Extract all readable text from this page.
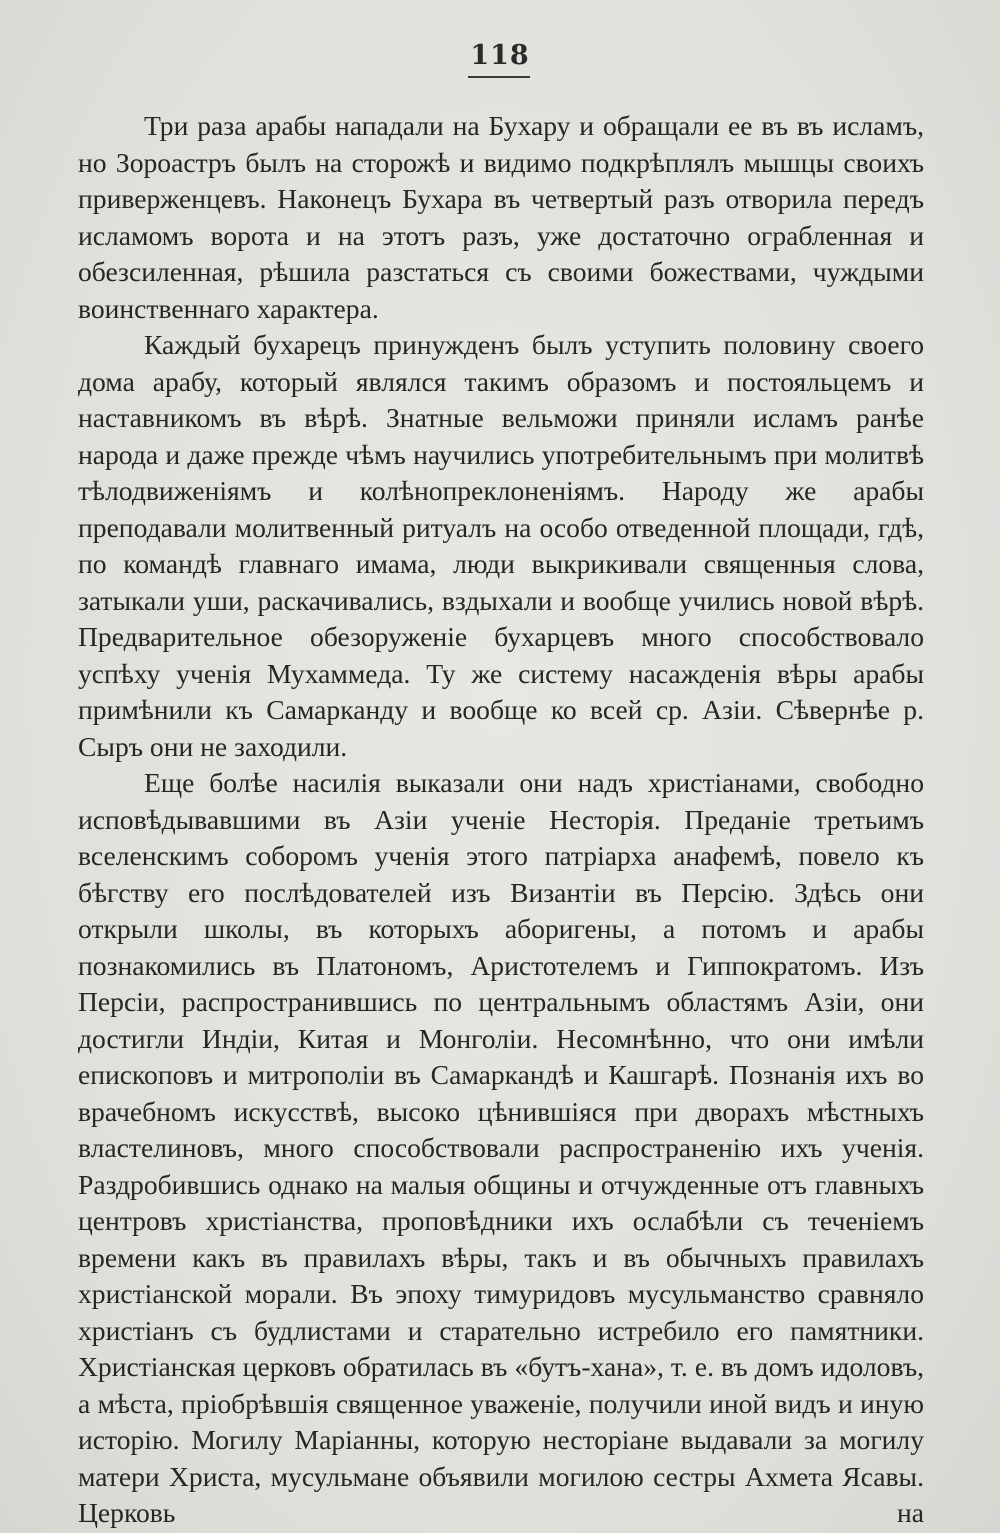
118

Три раза арабы нападали на Бухару и обращали ее въ въ исламъ, но Зороастръ былъ на сторожѣ и видимо подкрѣплялъ мышцы своихъ приверженцевъ. Наконецъ Бухара въ четвертый разъ отворила передъ исламомъ ворота и на этотъ разъ, уже достаточно ограбленная и обезсиленная, рѣшила разстаться съ своими божествами, чуждыми воинственнаго характера.

Каждый бухарецъ принужденъ былъ уступить половину своего дома арабу, который являлся такимъ образомъ и постояльцемъ и наставникомъ въ вѣрѣ. Знатные вельможи приняли исламъ ранѣе народа и даже прежде чѣмъ научились употребительнымъ при молитвѣ тѣлодвиженіямъ и колѣнопреклоненіямъ. Народу же арабы преподавали молитвенный ритуалъ на особо отведенной площади, гдѣ, по командѣ главнаго имама, люди выкрикивали священныя слова, затыкали уши, раскачивались, вздыхали и вообще учились новой вѣрѣ. Предварительное обезоруженіе бухарцевъ много способствовало успѣху ученія Мухаммеда. Ту же систему насажденія вѣры арабы примѣнили къ Самарканду и вообще ко всей ср. Азіи. Сѣвернѣе р. Сыръ они не заходили.

Еще болѣе насилія выказали они надъ христіанами, свободно исповѣдывавшими въ Азіи ученіе Несторія. Преданіе третьимъ вселенскимъ соборомъ ученія этого патріарха анафемѣ, повело къ бѣгству его послѣдователей изъ Византіи въ Персію. Здѣсь они открыли школы, въ которыхъ аборигены, а потомъ и арабы познакомились въ Платономъ, Аристотелемъ и Гиппократомъ. Изъ Персіи, распространившись по центральнымъ областямъ Азіи, они достигли Индіи, Китая и Монголіи. Несомнѣнно, что они имѣли епископовъ и митрополіи въ Самаркандѣ и Кашгарѣ. Познанія ихъ во врачебномъ искусствѣ, высоко цѣнившіяся при дворахъ мѣстныхъ властелиновъ, много способствовали распространенію ихъ ученія. Раздробившись однако на малыя общины и отчужденные отъ главныхъ центровъ христіанства, проповѣдники ихъ ослабѣли съ теченіемъ времени какъ въ правилахъ вѣры, такъ и въ обычныхъ правилахъ христіанской морали. Въ эпоху тимуридовъ мусульманство сравняло христіанъ съ будлистами и старательно истребило его памятники. Христіанская церковъ обратилась въ «бутъ-хана», т. е. въ домъ идоловъ, а мѣста, пріобрѣвшія священное уваженіе, получили иной видъ и иную исторію. Могилу Маріанны, которую несторіане выдавали за могилу матери Христа, мусульмане объявили могилою сестры Ахмета Ясавы. Церковь на
